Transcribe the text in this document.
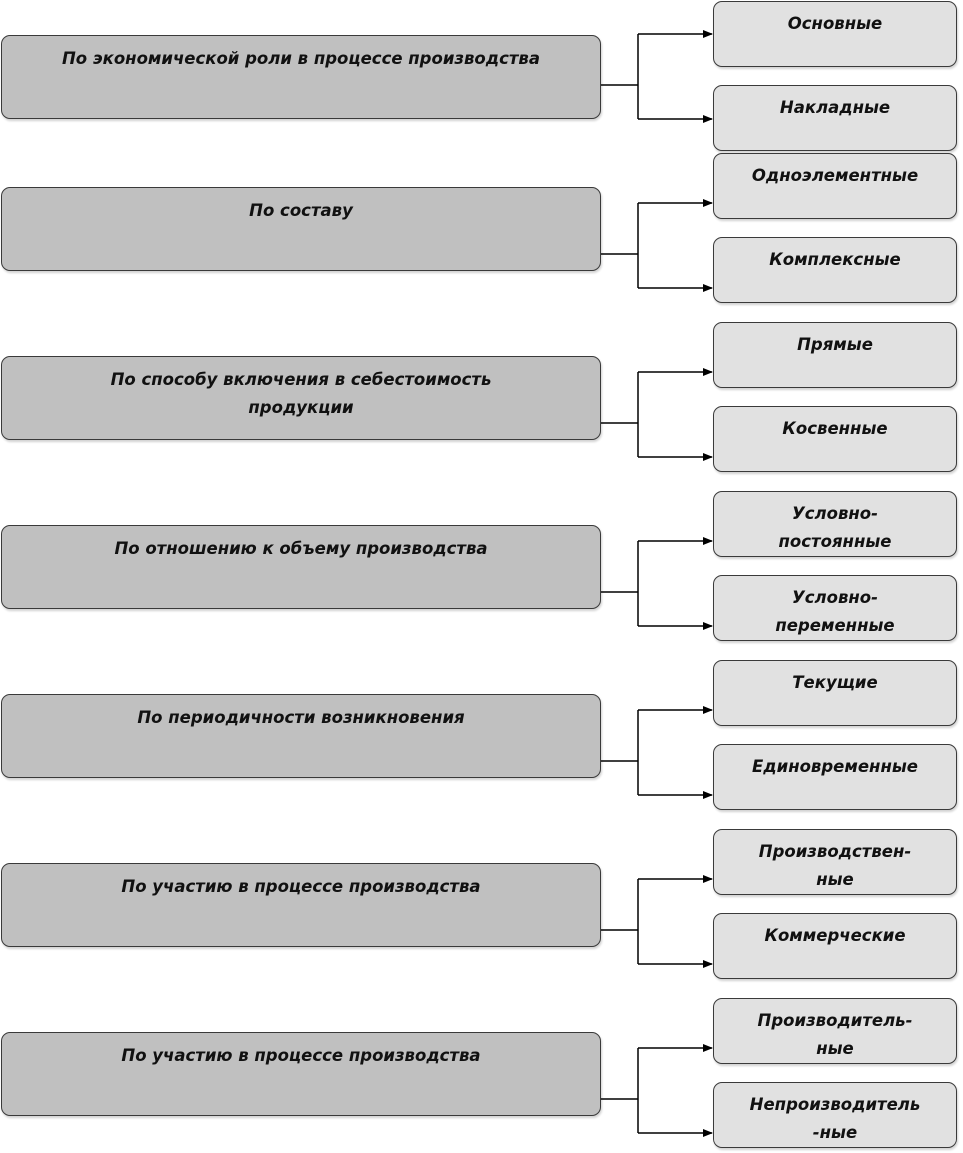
По экономической роли в процессе производства
Основные
Накладные
По составу
Одноэлементные
Комплексные
По способу включения в себестоимость
продукции
Прямые
Косвенные
По отношению к объему производства
Условно-
постоянные
Условно-
переменные
По периодичности возникновения
Текущие
Единовременные
По участию в процессе производства
Производствен-
ные
Коммерческие
По участию в процессе производства
Производитель-
ные
Непроизводитель
-ные
